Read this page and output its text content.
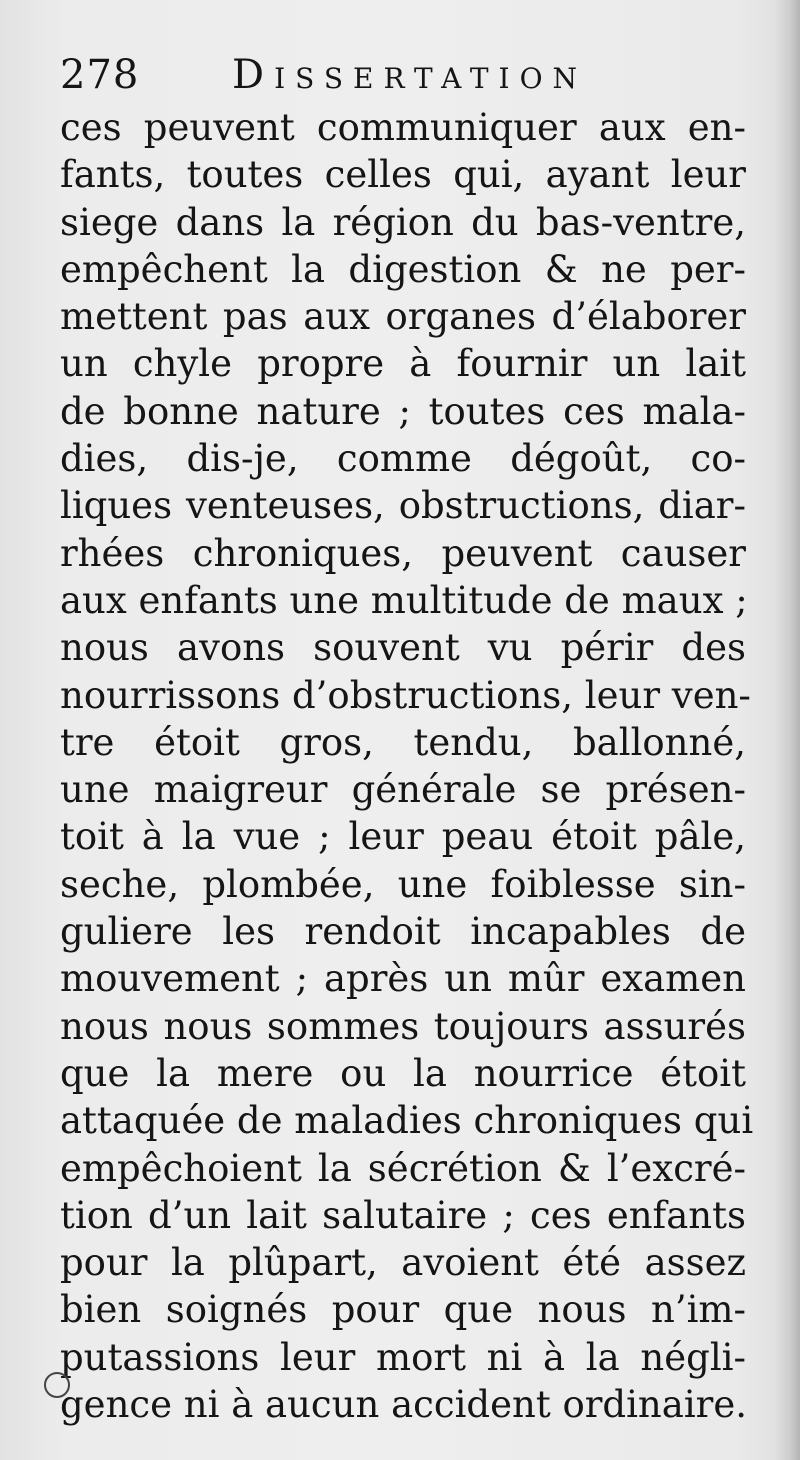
278 Dissertation
ces peuvent communiquer aux en-
fants, toutes celles qui, ayant leur
siege dans la région du bas-ventre,
empêchent la digestion & ne per-
mettent pas aux organes d’élaborer
un chyle propre à fournir un lait
de bonne nature ; toutes ces mala-
dies, dis-je, comme dégoût, co-
liques venteuses, obstructions, diar-
rhées chroniques, peuvent causer
aux enfants une multitude de maux ;
nous avons souvent vu périr des
nourrissons d’obstructions, leur ven-
tre étoit gros, tendu, ballonné,
une maigreur générale se présen-
toit à la vue ; leur peau étoit pâle,
seche, plombée, une foiblesse sin-
guliere les rendoit incapables de
mouvement ; après un mûr examen
nous nous sommes toujours assurés
que la mere ou la nourrice étoit
attaquée de maladies chroniques qui
empêchoient la sécrétion & l’excré-
tion d’un lait salutaire ; ces enfants
pour la plûpart, avoient été assez
bien soignés pour que nous n’im-
putassions leur mort ni à la négli-
gence ni à aucun accident ordinaire.
